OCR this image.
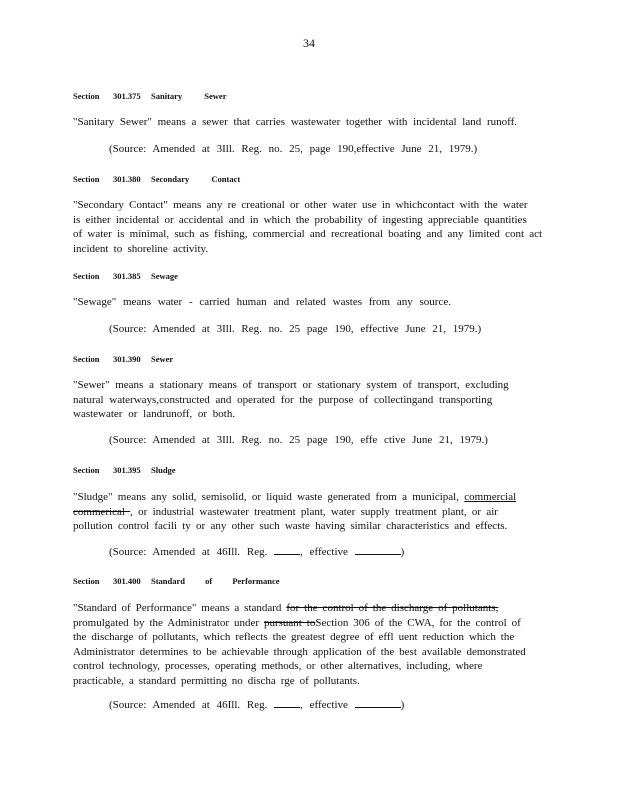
34
Section 301.375 Sanitary Sewer
"Sanitary Sewer" means a sewer that carries wastewater together with incidental land runoff.
(Source: Amended at 3Ill. Reg. no. 25, page 190,effective June 21, 1979.)
Section 301.380 Secondary Contact
"Secondary Contact" means any re creational or other water use in whichcontact with the water
is either incidental or accidental and in which the probability of ingesting appreciable quantities
of water is minimal, such as fishing, commercial and recreational boating and any limited cont act
incident to shoreline activity.
Section 301.385 Sewage
"Sewage" means water - carried human and related wastes from any source.
(Source: Amended at 3Ill. Reg. no. 25 page 190, effective June 21, 1979.)
Section 301.390 Sewer
"Sewer" means a stationary means of transport or stationary system of transport, excluding
natural waterways,constructed and operated for the purpose of collectingand transporting
wastewater or landrunoff, or both.
(Source: Amended at 3Ill. Reg. no. 25 page 190, effe ctive June 21, 1979.)
Section 301.395 Sludge
"Sludge" means any solid, semisolid, or liquid waste generated from a municipal, commercial
commerical , or industrial wastewater treatment plant, water supply treatment plant, or air
pollution control facili ty or any other such waste having similar characteristics and effects.
(Source: Amended at 46Ill. Reg.	, effective	)
Section 301.400 Standard of Performance
"Standard of Performance" means a standard for the control of the discharge of pollutants,
promulgated by the Administrator under pursuant toSection 306 of the CWA, for the control of
the discharge of pollutants, which reflects the greatest degree of effl uent reduction which the
Administrator determines to be achievable through application of the best available demonstrated
control technology, processes, operating methods, or other alternatives, including, where
practicable, a standard permitting no discha rge of pollutants.
(Source: Amended at 46Ill. Reg.	, effective	)
